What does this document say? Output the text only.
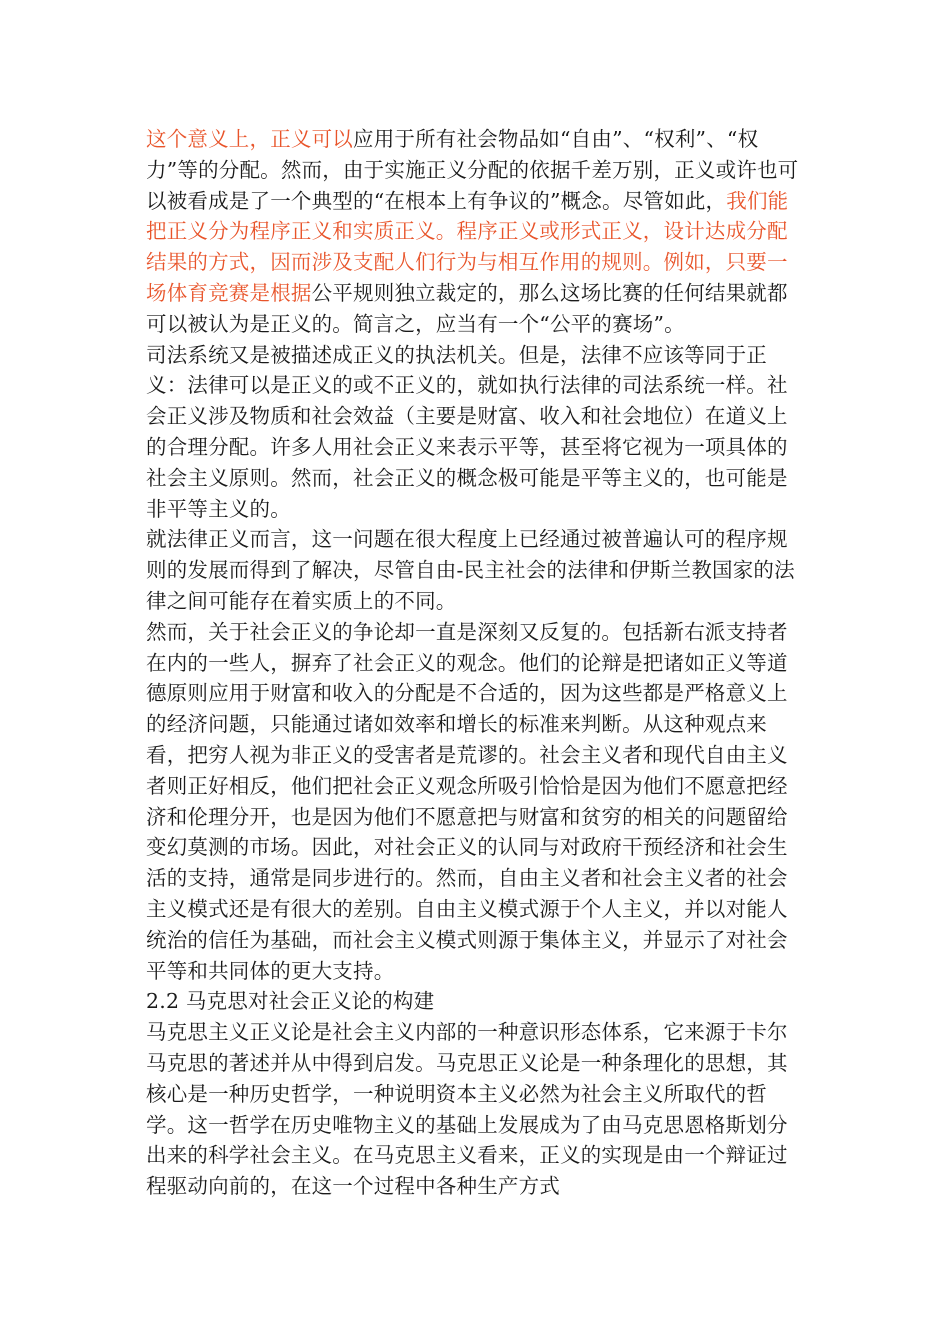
这个意义上，正义可以应用于所有社会物品如“自由”、“权利”、“权力”等的分配。然而，由于实施正义分配的依据千差万别，正义或许也可以被看成是了一个典型的“在根本上有争议的”概念。尽管如此，我们能把正义分为程序正义和实质正义。程序正义或形式正义，设计达成分配结果的方式，因而涉及支配人们行为与相互作用的规则。例如，只要一场体育竞赛是根据公平规则独立裁定的，那么这场比赛的任何结果就都可以被认为是正义的。简言之，应当有一个“公平的赛场”。

司法系统又是被描述成正义的执法机关。但是，法律不应该等同于正义：法律可以是正义的或不正义的，就如执行法律的司法系统一样。社会正义涉及物质和社会效益（主要是财富、收入和社会地位）在道义上的合理分配。许多人用社会正义来表示平等，甚至将它视为一项具体的社会主义原则。然而，社会正义的概念极可能是平等主义的，也可能是非平等主义的。

就法律正义而言，这一问题在很大程度上已经通过被普遍认可的程序规则的发展而得到了解决，尽管自由-民主社会的法律和伊斯兰教国家的法律之间可能存在着实质上的不同。

然而，关于社会正义的争论却一直是深刻又反复的。包括新右派支持者在内的一些人，摒弃了社会正义的观念。他们的论辩是把诸如正义等道德原则应用于财富和收入的分配是不合适的，因为这些都是严格意义上的经济问题，只能通过诸如效率和增长的标准来判断。从这种观点来看，把穷人视为非正义的受害者是荒谬的。社会主义者和现代自由主义者则正好相反，他们把社会正义观念所吸引恰恰是因为他们不愿意把经济和伦理分开，也是因为他们不愿意把与财富和贫穷的相关的问题留给变幻莫测的市场。因此，对社会正义的认同与对政府干预经济和社会生活的支持，通常是同步进行的。然而，自由主义者和社会主义者的社会主义模式还是有很大的差别。自由主义模式源于个人主义，并以对能人统治的信任为基础，而社会主义模式则源于集体主义，并显示了对社会平等和共同体的更大支持。

2.2 马克思对社会正义论的构建

马克思主义正义论是社会主义内部的一种意识形态体系，它来源于卡尔马克思的著述并从中得到启发。马克思正义论是一种条理化的思想，其核心是一种历史哲学，一种说明资本主义必然为社会主义所取代的哲学。这一哲学在历史唯物主义的基础上发展成为了由马克思恩格斯划分出来的科学社会主义。在马克思主义看来，正义的实现是由一个辩证过程驱动向前的，在这一个过程中各种生产方式
